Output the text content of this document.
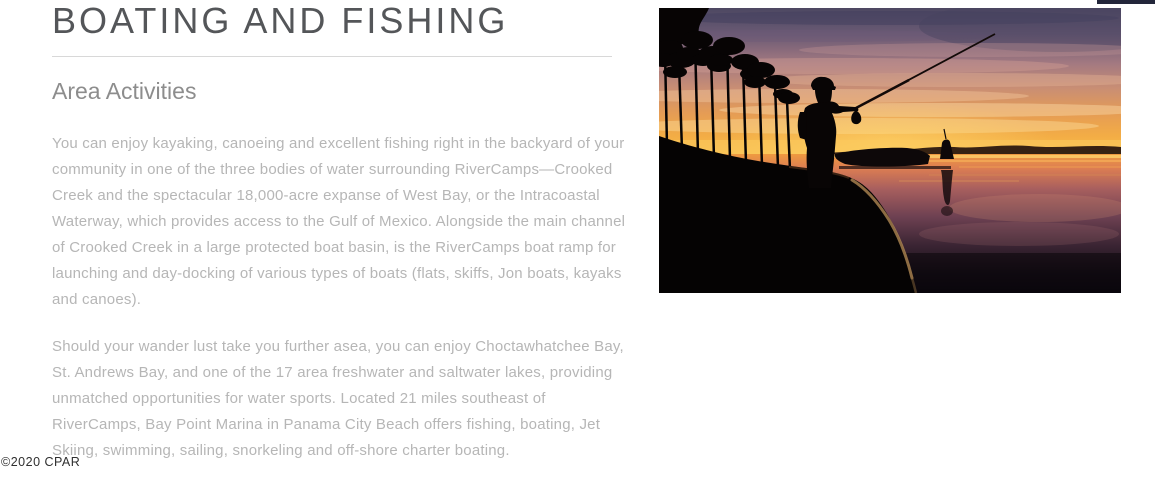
BOATING AND FISHING
Area Activities

You can enjoy kayaking, canoeing and excellent fishing right in the backyard of your community in one of the three bodies of water surrounding RiverCamps—Crooked Creek and the spectacular 18,000-acre expanse of West Bay, or the Intracoastal Waterway, which provides access to the Gulf of Mexico. Alongside the main channel of Crooked Creek in a large protected boat basin, is the RiverCamps boat ramp for launching and day-docking of various types of boats (flats, skiffs, Jon boats, kayaks and canoes).

Should your wander lust take you further asea, you can enjoy Choctawhatchee Bay, St. Andrews Bay, and one of the 17 area freshwater and saltwater lakes, providing unmatched opportunities for water sports. Located 21 miles southeast of RiverCamps, Bay Point Marina in Panama City Beach offers fishing, boating, Jet Skiing, swimming, sailing, snorkeling and off-shore charter boating.

©2020 CPAR
